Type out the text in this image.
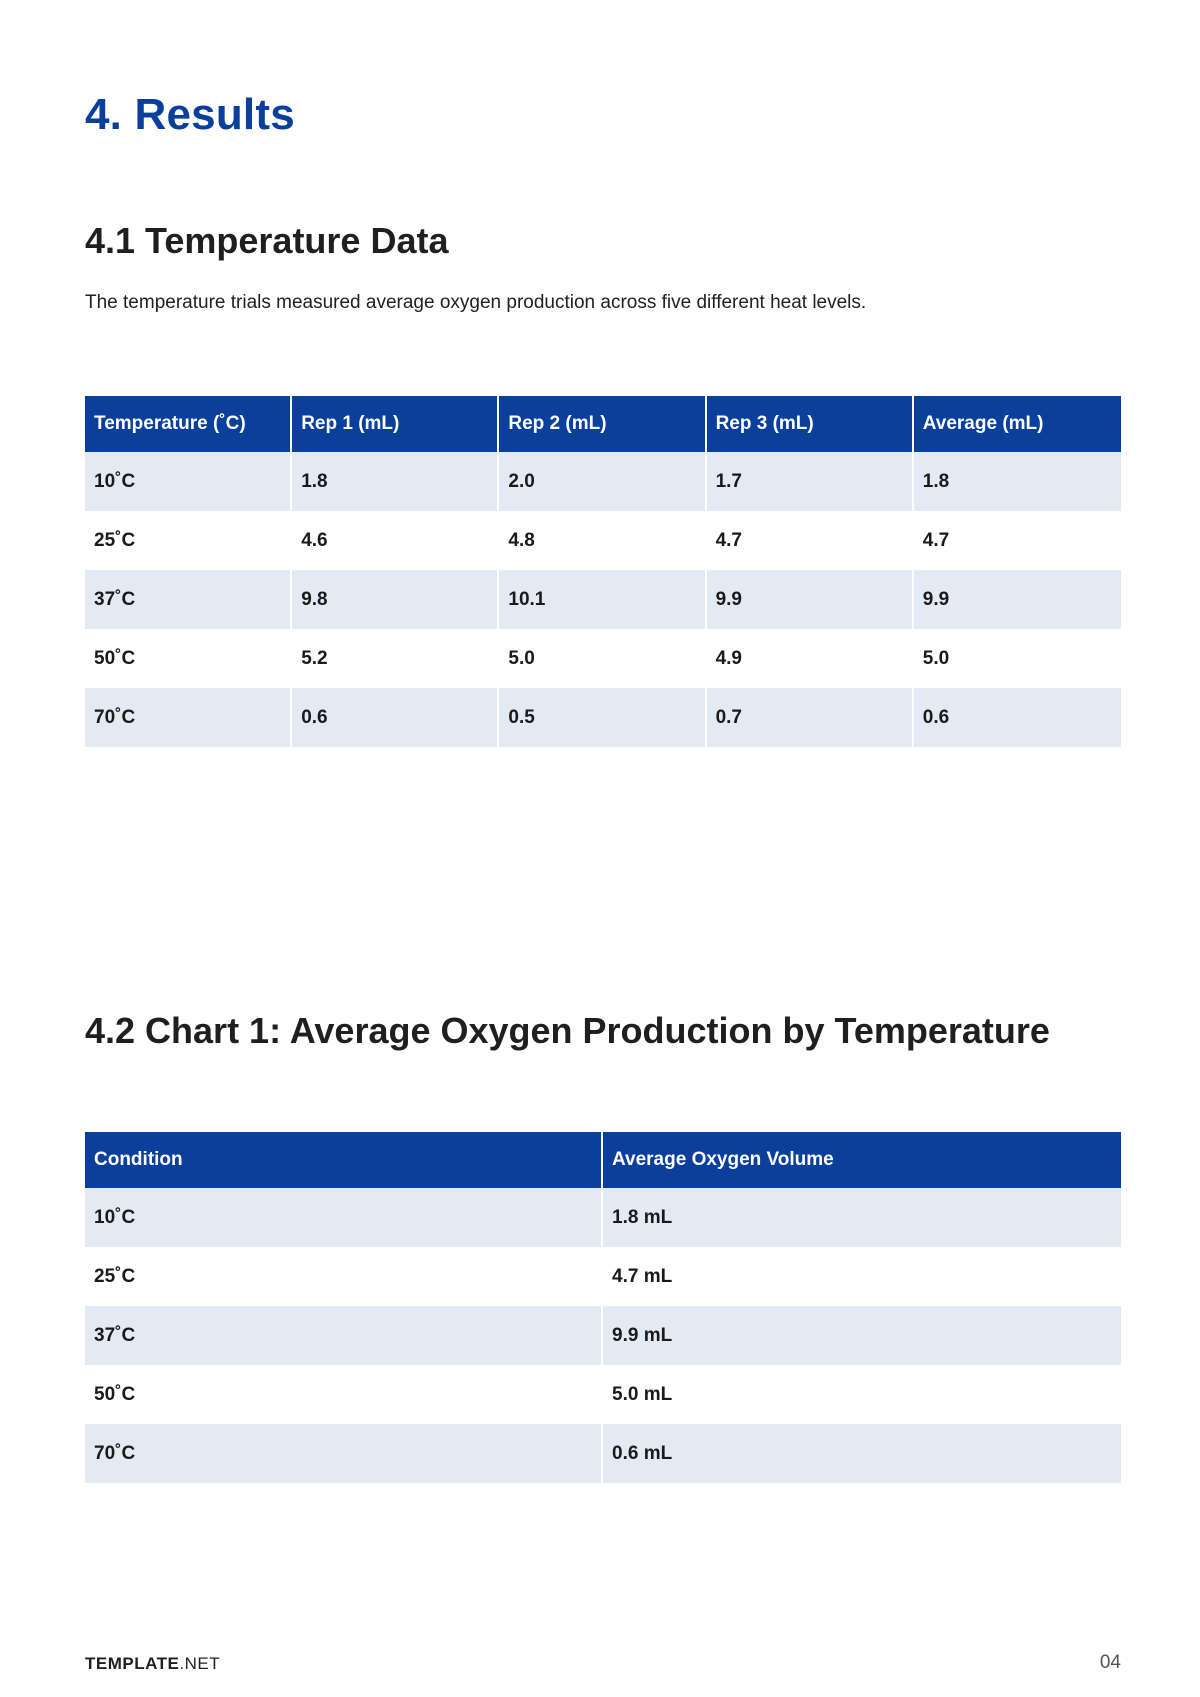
4. Results
4.1 Temperature Data

The temperature trials measured average oxygen production across five different heat levels.

Temperature (˚C)	Rep 1 (mL)	Rep 2 (mL)	Rep 3 (mL)	Average (mL)
10˚C	1.8	2.0	1.7	1.8
25˚C	4.6	4.8	4.7	4.7
37˚C	9.8	10.1	9.9	9.9
50˚C	5.2	5.0	4.9	5.0
70˚C	0.6	0.5	0.7	0.6
4.2 Chart 1: Average Oxygen Production by Temperature
Condition	Average Oxygen Volume
10˚C	1.8 mL
25˚C	4.7 mL
37˚C	9.9 mL
50˚C	5.0 mL
70˚C	0.6 mL
TEMPLATE.NET	04
